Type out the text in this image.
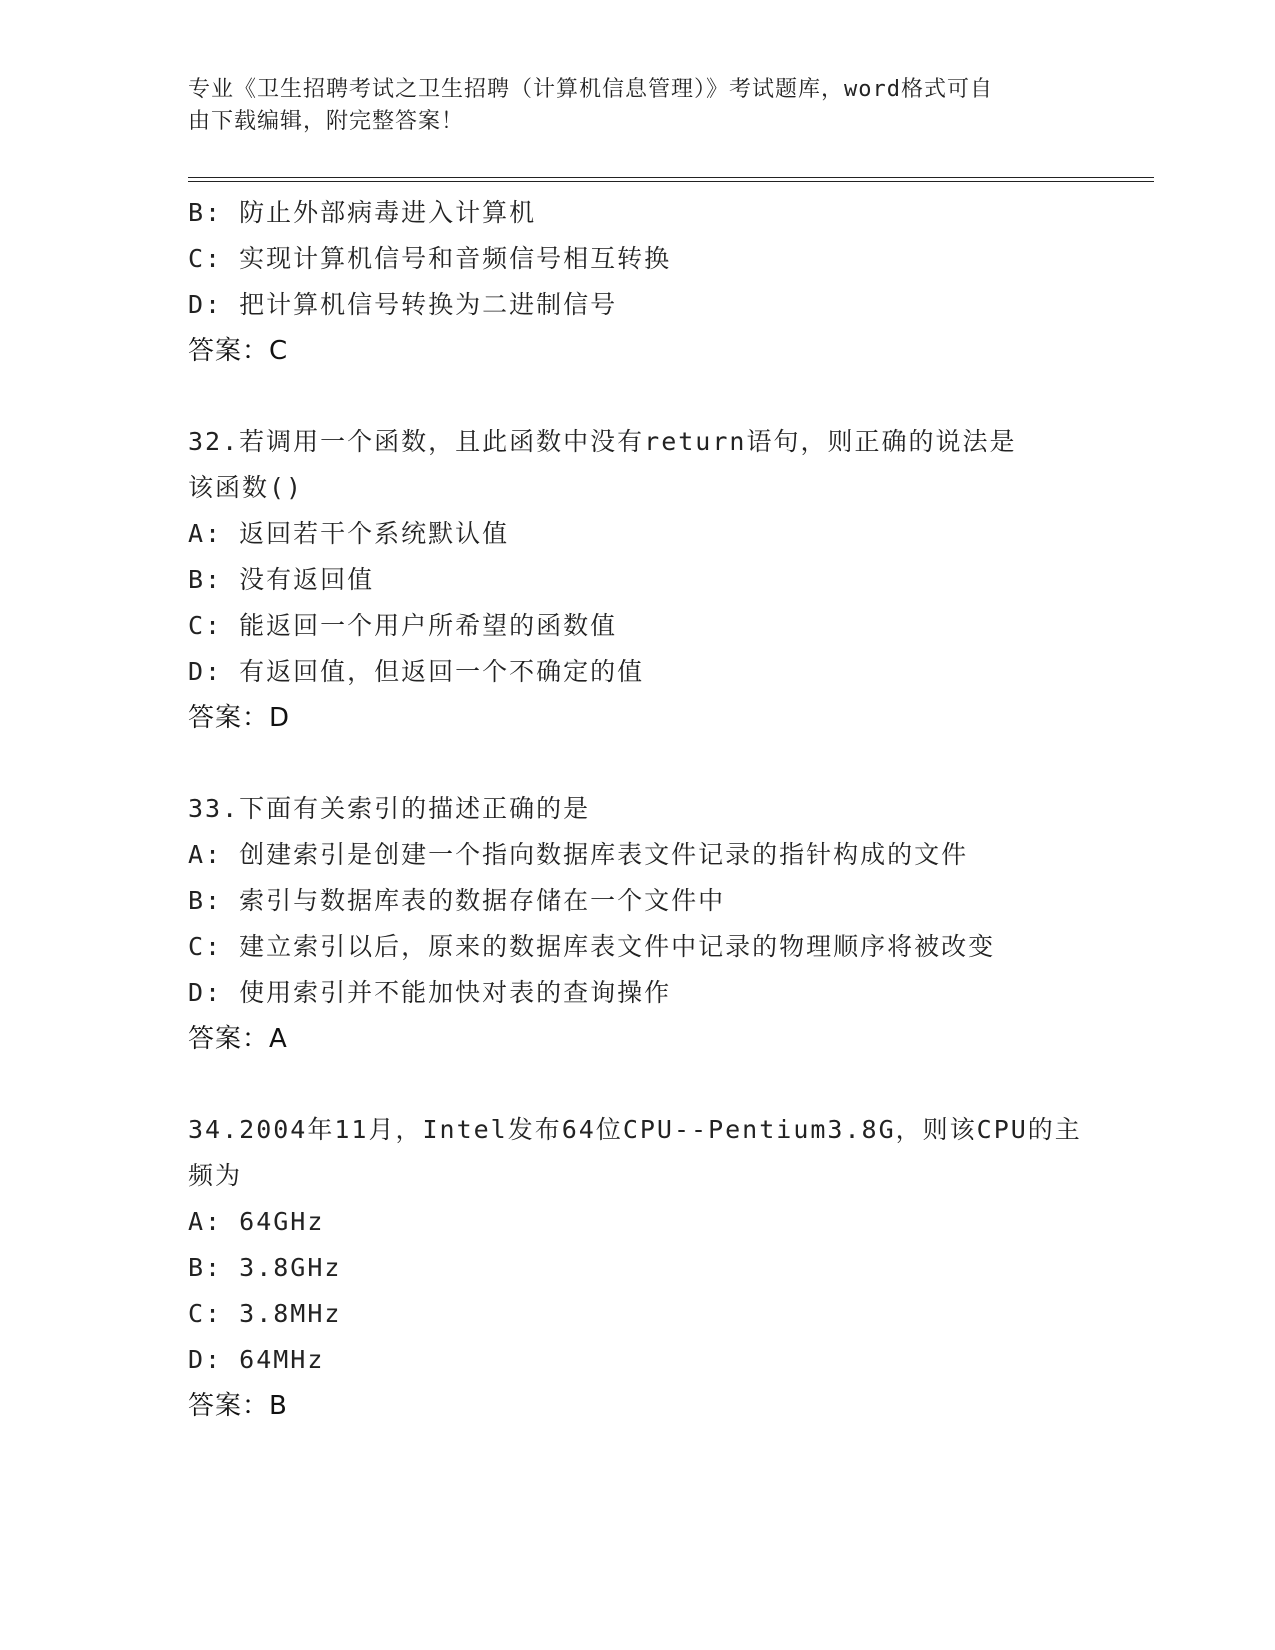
专业《卫生招聘考试之卫生招聘（计算机信息管理）》考试题库，word格式可自
由下载编辑，附完整答案！
B: 防止外部病毒进入计算机
C: 实现计算机信号和音频信号相互转换
D: 把计算机信号转换为二进制信号
答案：C
32.若调用一个函数，且此函数中没有return语句，则正确的说法是
该函数()
A: 返回若干个系统默认值
B: 没有返回值
C: 能返回一个用户所希望的函数值
D: 有返回值，但返回一个不确定的值
答案：D
33.下面有关索引的描述正确的是
A: 创建索引是创建一个指向数据库表文件记录的指针构成的文件
B: 索引与数据库表的数据存储在一个文件中
C: 建立索引以后，原来的数据库表文件中记录的物理顺序将被改变
D: 使用索引并不能加快对表的查询操作
答案：A
34.2004年11月，Intel发布64位CPU--Pentium3.8G，则该CPU的主
频为
A: 64GHz
B: 3.8GHz
C: 3.8MHz
D: 64MHz
答案：B
